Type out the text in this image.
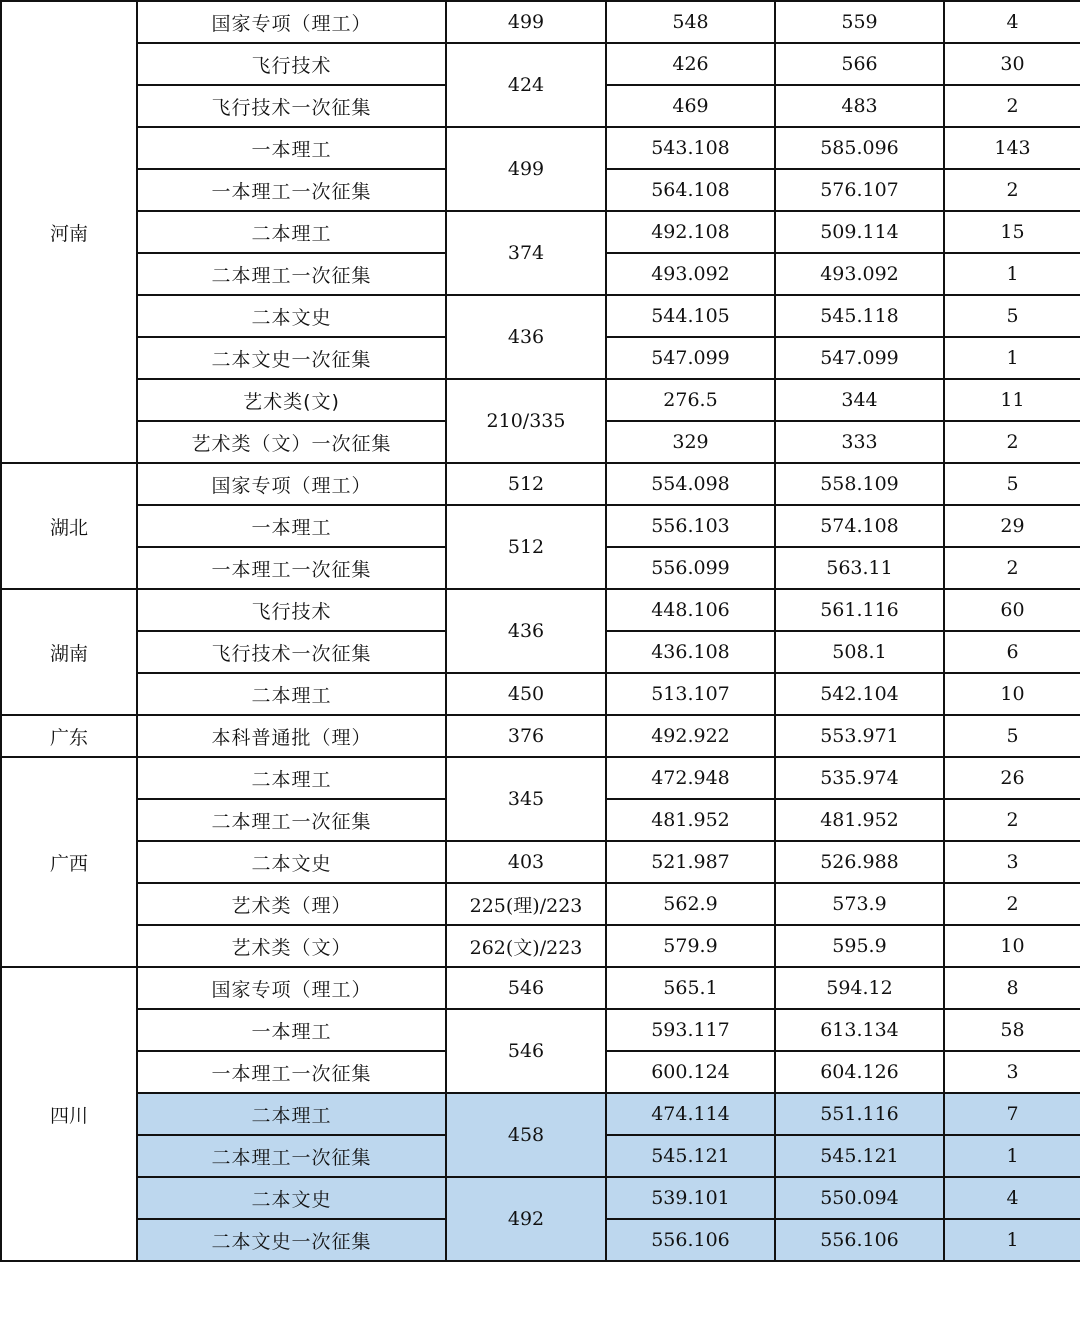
河南	国家专项（理工）	499	548	559	4
	飞行技术	424	426	566	30
	飞行技术一次征集		469	483	2
	一本理工	499	543.108	585.096	143
	一本理工一次征集		564.108	576.107	2
	二本理工	374	492.108	509.114	15
	二本理工一次征集		493.092	493.092	1
	二本文史	436	544.105	545.118	5
	二本文史一次征集		547.099	547.099	1
	艺术类(文)	210/335	276.5	344	11
	艺术类（文）一次征集		329	333	2
湖北	国家专项（理工）	512	554.098	558.109	5
	一本理工	512	556.103	574.108	29
	一本理工一次征集		556.099	563.11	2
湖南	飞行技术	436	448.106	561.116	60
	飞行技术一次征集		436.108	508.1	6
	二本理工	450	513.107	542.104	10
广东	本科普通批（理）	376	492.922	553.971	5
广西	二本理工	345	472.948	535.974	26
	二本理工一次征集		481.952	481.952	2
	二本文史	403	521.987	526.988	3
	艺术类（理）	225(理)/223	562.9	573.9	2
	艺术类（文）	262(文)/223	579.9	595.9	10
四川	国家专项（理工）	546	565.1	594.12	8
	一本理工	546	593.117	613.134	58
	一本理工一次征集		600.124	604.126	3
	二本理工	458	474.114	551.116	7
	二本理工一次征集		545.121	545.121	1
	二本文史	492	539.101	550.094	4
	二本文史一次征集		556.106	556.106	1
